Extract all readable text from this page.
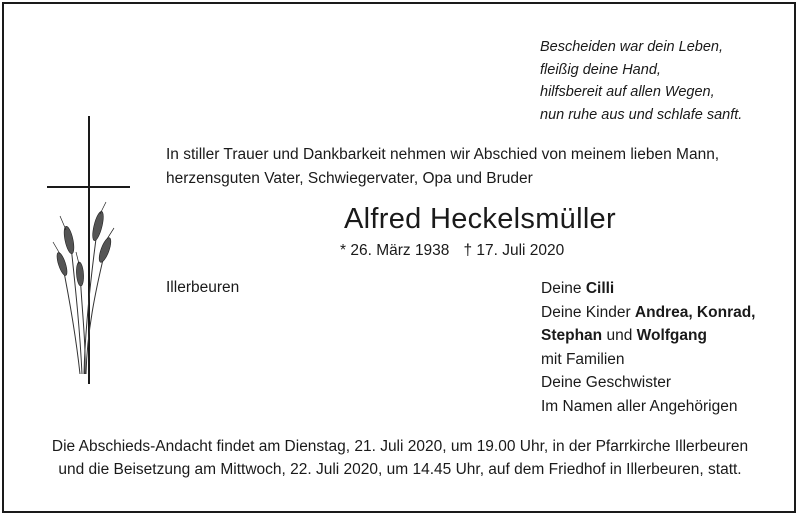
Bescheiden war dein Leben,
fleißig deine Hand,
hilfsbereit auf allen Wegen,
nun ruhe aus und schlafe sanft.
In stiller Trauer und Dankbarkeit nehmen wir Abschied von meinem lieben Mann,
herzensguten Vater, Schwiegervater, Opa und Bruder
Alfred Heckelsmüller
* 26. März 1938 † 17. Juli 2020
Illerbeuren	Deine Cilli
Deine Kinder Andrea, Konrad,
Stephan und Wolfgang
mit Familien
Deine Geschwister
Im Namen aller Angehörigen
Die Abschieds-Andacht findet am Dienstag, 21. Juli 2020, um 19.00 Uhr, in der Pfarrkirche Illerbeuren
und die Beisetzung am Mittwoch, 22. Juli 2020, um 14.45 Uhr, auf dem Friedhof in Illerbeuren, statt.
